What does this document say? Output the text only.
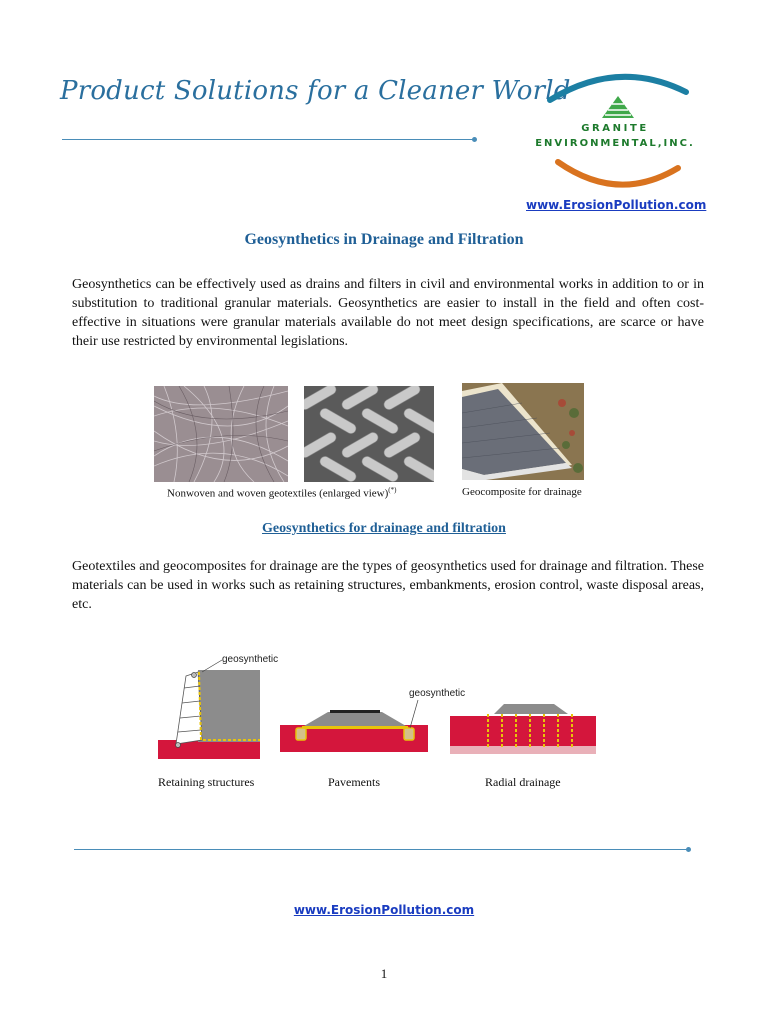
Product Solutions for a Cleaner World
GRANITE
ENVIRONMENTAL,INC.
www.ErosionPollution.com
Geosynthetics in Drainage and Filtration

Geosynthetics can be effectively used as drains and filters in civil and environmental works in addition to or in substitution to traditional granular materials. Geosynthetics are easier to install in the field and often cost-effective in situations were granular materials available do not meet design specifications, are scarce or have their use restricted by environmental legislations.

Nonwoven and woven geotextiles (enlarged view)(*)	Geocomposite for drainage
Geosynthetics for drainage and filtration

Geotextiles and geocomposites for drainage are the types of geosynthetics used for drainage and filtration. These materials can be used in works such as retaining structures, embankments, erosion control, waste disposal areas, etc.

geosynthetic
geosynthetic
Retaining structures	Pavements	Radial drainage
www.ErosionPollution.com
1
